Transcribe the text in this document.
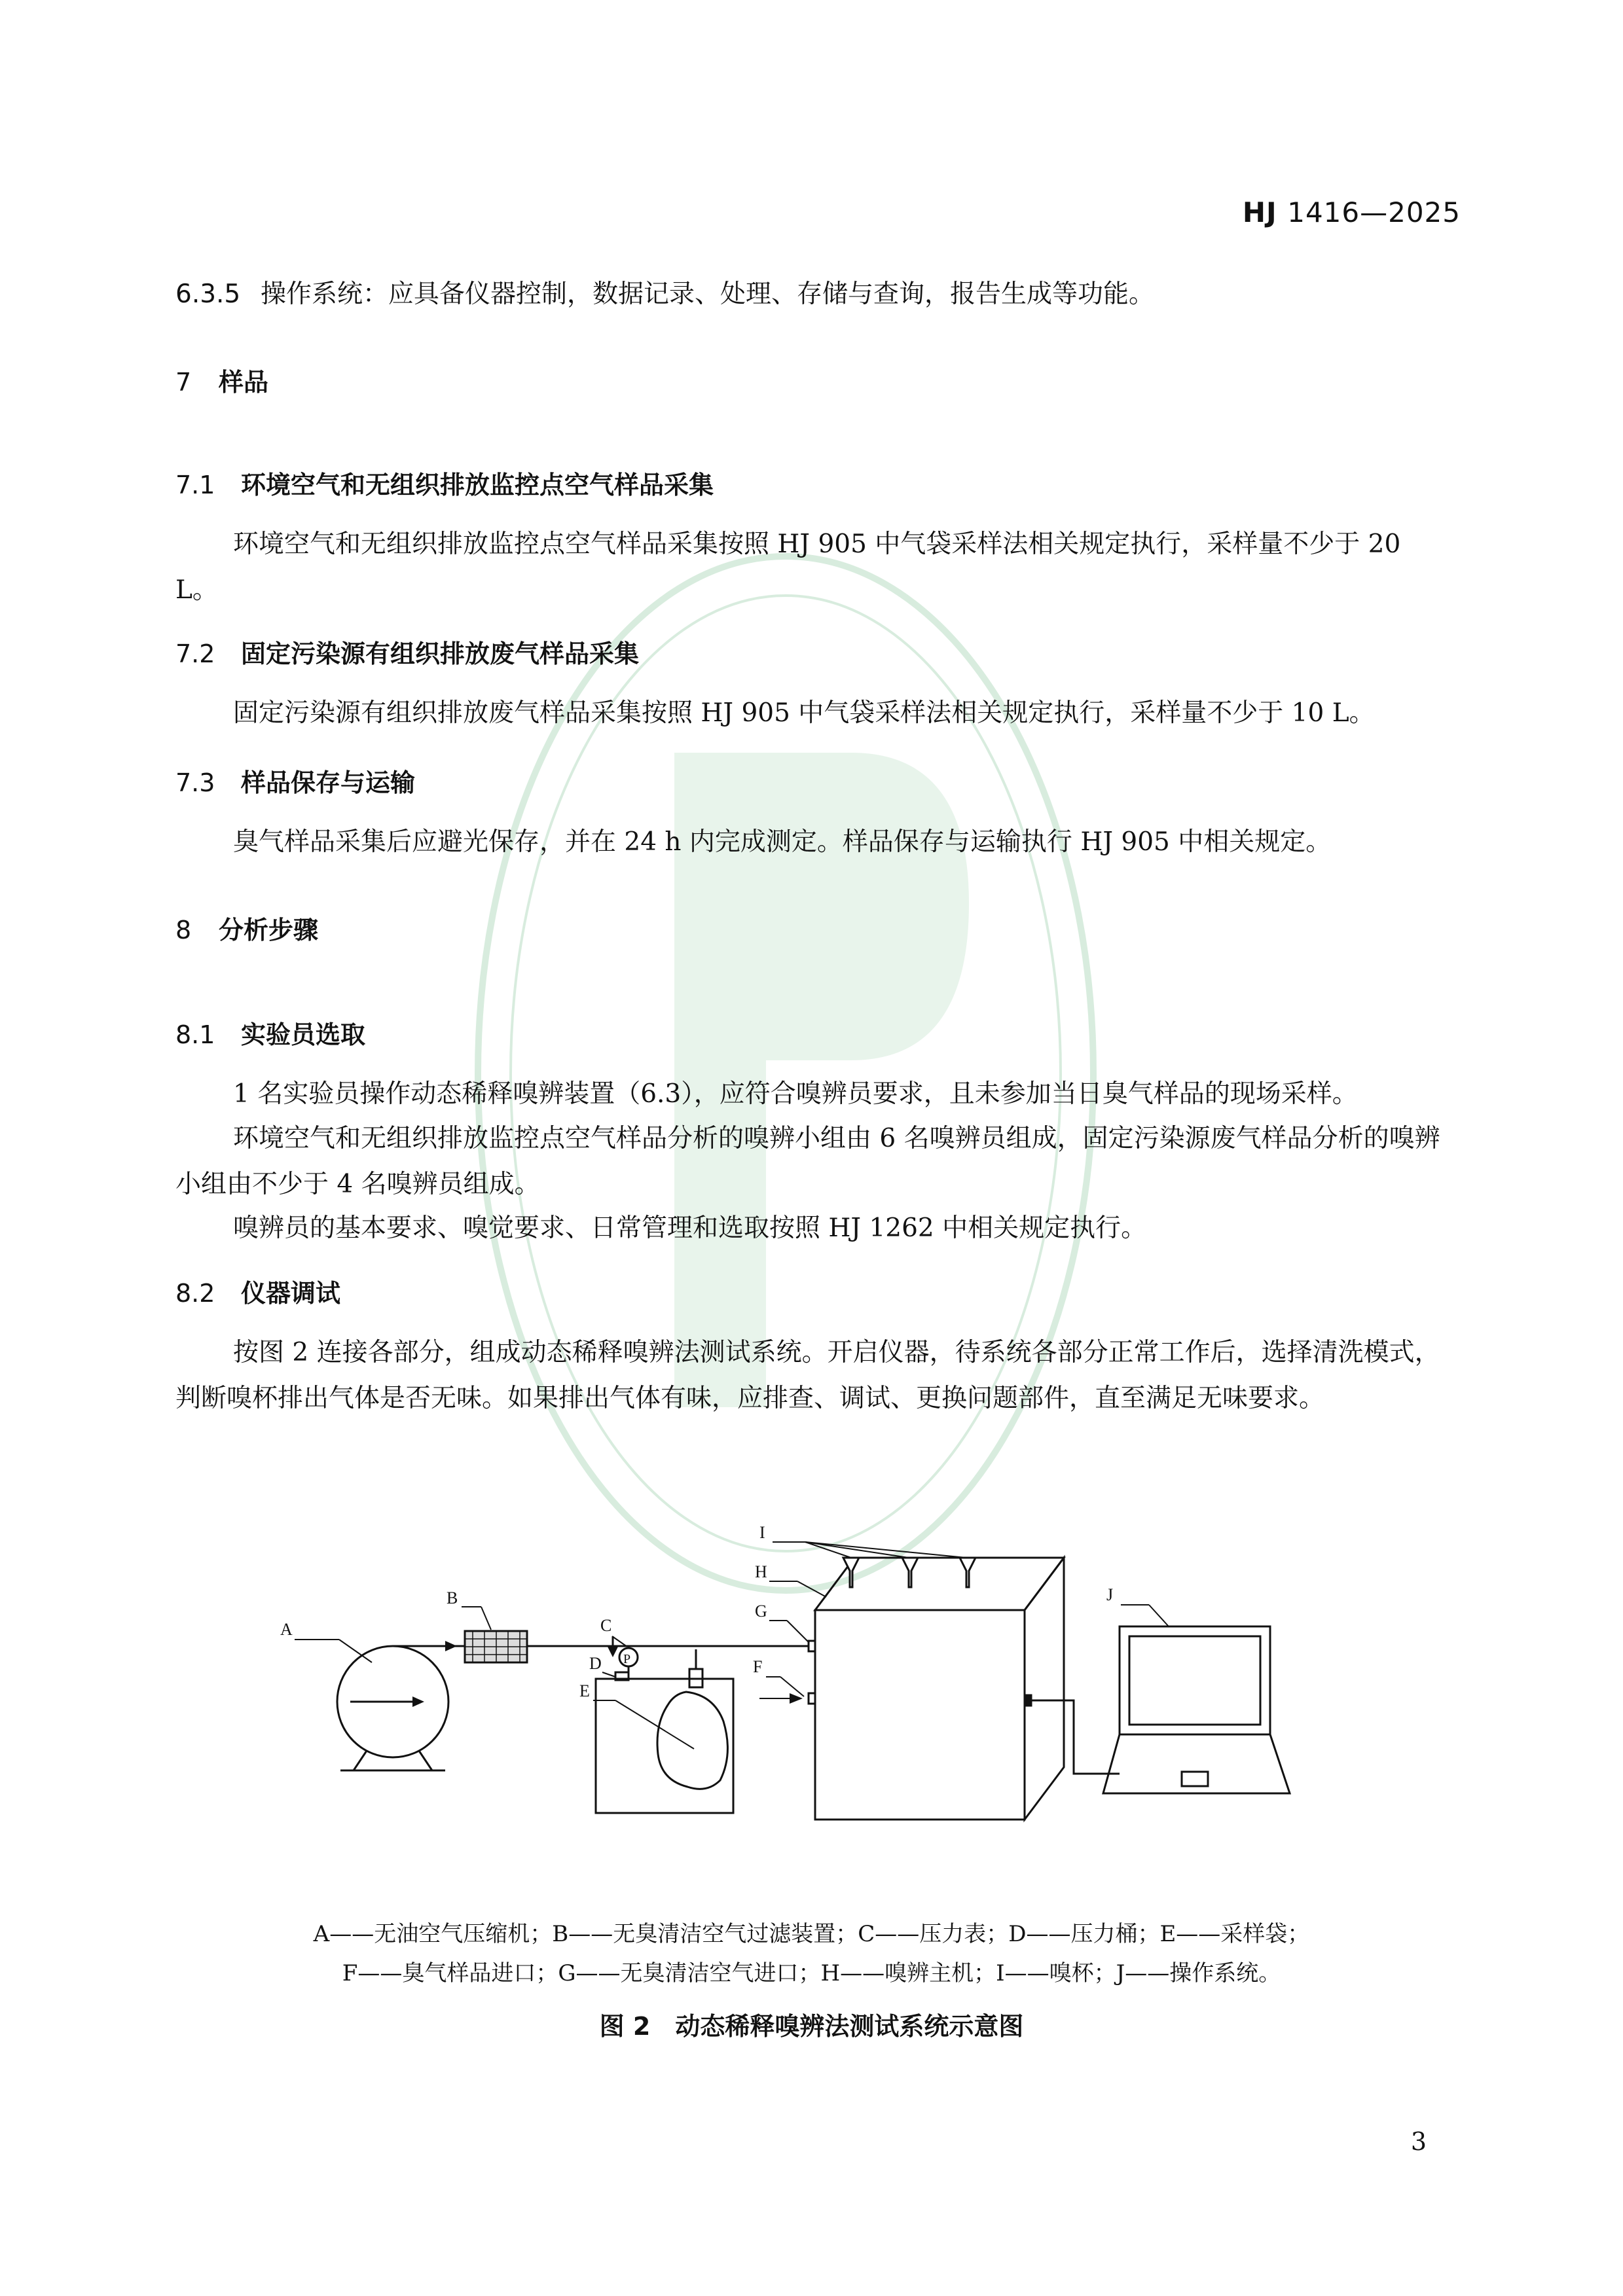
HJ 1416—2025
6.3.5 操作系统：应具备仪器控制，数据记录、处理、存储与查询，报告生成等功能。
7 样品
7.1 环境空气和无组织排放监控点空气样品采集
环境空气和无组织排放监控点空气样品采集按照 HJ 905 中气袋采样法相关规定执行，采样量不少于 20 L。
7.2 固定污染源有组织排放废气样品采集
固定污染源有组织排放废气样品采集按照 HJ 905 中气袋采样法相关规定执行，采样量不少于 10 L。
7.3 样品保存与运输
臭气样品采集后应避光保存，并在 24 h 内完成测定。样品保存与运输执行 HJ 905 中相关规定。
8 分析步骤
8.1 实验员选取
1 名实验员操作动态稀释嗅辨装置（6.3），应符合嗅辨员要求，且未参加当日臭气样品的现场采样。
环境空气和无组织排放监控点空气样品分析的嗅辨小组由 6 名嗅辨员组成，固定污染源废气样品分析的嗅辨小组由不少于 4 名嗅辨员组成。
嗅辨员的基本要求、嗅觉要求、日常管理和选取按照 HJ 1262 中相关规定执行。
8.2 仪器调试
按图 2 连接各部分，组成动态稀释嗅辨法测试系统。开启仪器，待系统各部分正常工作后，选择清洗模式，判断嗅杯排出气体是否无味。如果排出气体有味，应排查、调试、更换问题部件，直至满足无味要求。
A
B
P
C
D
E
F
G
H
I
J
A——无油空气压缩机；B——无臭清洁空气过滤装置；C——压力表；D——压力桶；E——采样袋；
F——臭气样品进口；G——无臭清洁空气进口；H——嗅辨主机；I——嗅杯；J——操作系统。
图 2　动态稀释嗅辨法测试系统示意图
3
